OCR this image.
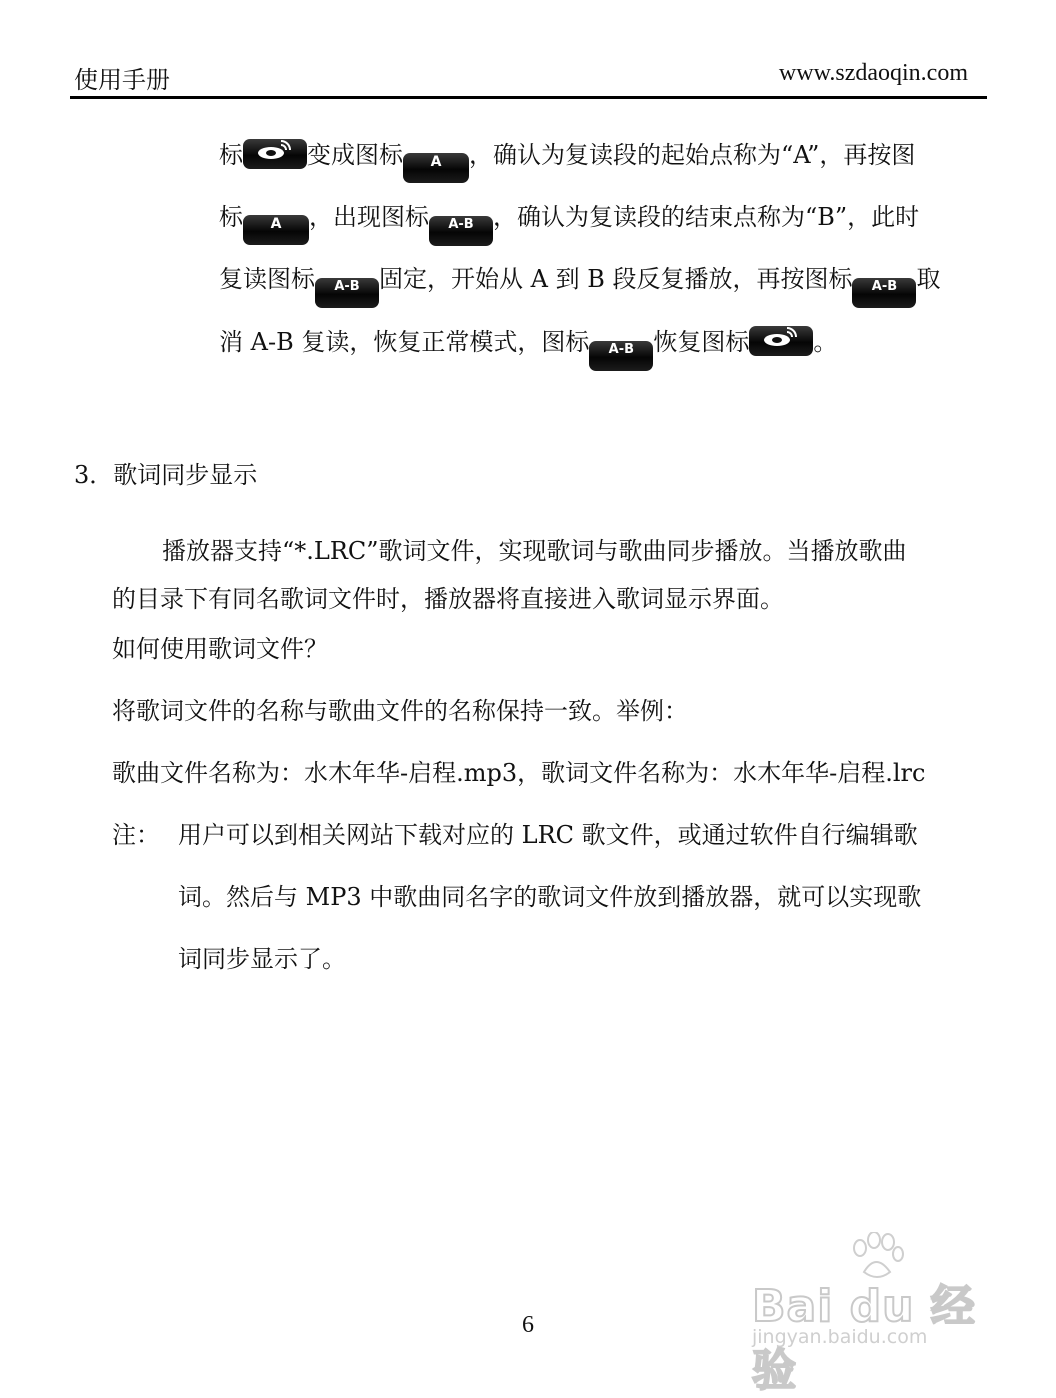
使用手册	www.szdaoqin.com
标	变成图标 A ，确认为复读段的起始点称为“A”，再按图
标 A ，出现图标 A-B ，确认为复读段的结束点称为“B”，此时
复读图标 A-B 固定，开始从 A 到 B 段反复播放，再按图标 A-B 取
消 A-B 复读，恢复正常模式，图标 A-B 恢复图标	。
3．歌词同步显示
播放器支持“*.LRC”歌词文件，实现歌词与歌曲同步播放。当播放歌曲
的目录下有同名歌词文件时，播放器将直接进入歌词显示界面。
如何使用歌词文件？
将歌词文件的名称与歌曲文件的名称保持一致。举例：
歌曲文件名称为：水木年华-启程.mp3，歌词文件名称为：水木年华-启程.lrc
注： 用户可以到相关网站下载对应的 LRC 歌文件，或通过软件自行编辑歌
词。然后与 MP3 中歌曲同名字的歌词文件放到播放器，就可以实现歌
词同步显示了。
Bai du 经验
jingyan.baidu.com
6
